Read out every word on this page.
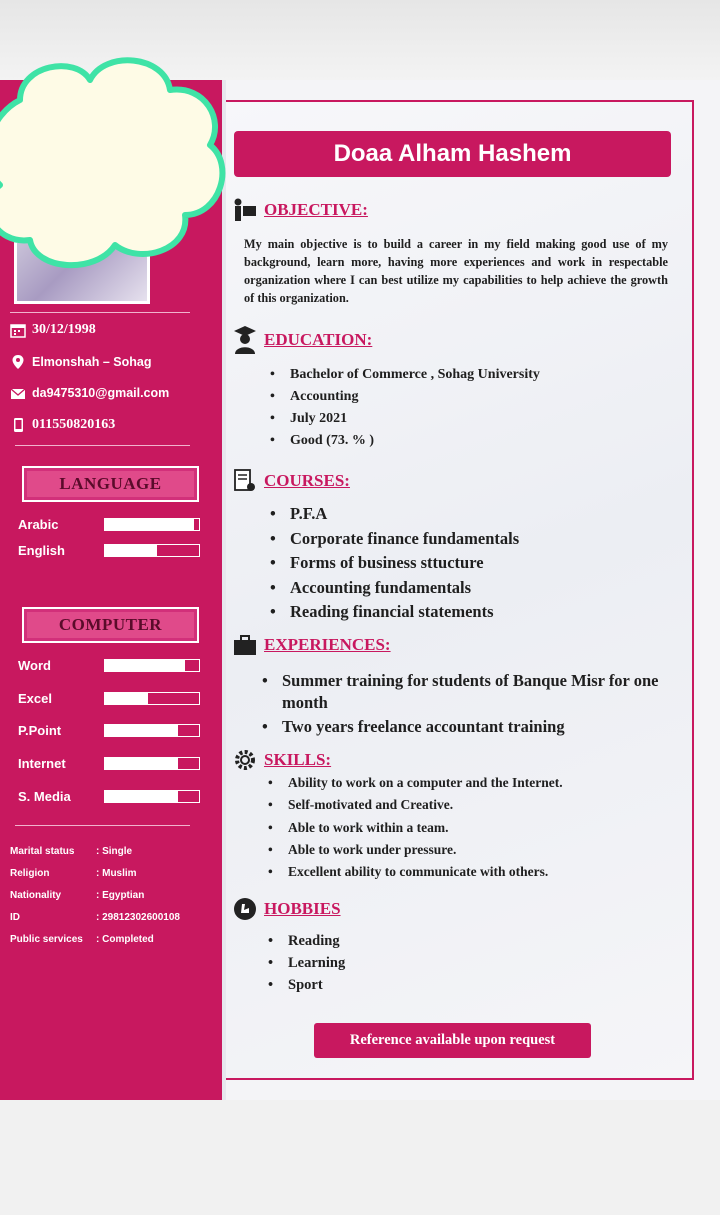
30/12/1998
Elmonshah – Sohag
da9475310@gmail.com
011550820163
LANGUAGE
Arabic
English
COMPUTER
Word
Excel
P.Point
Internet
S. Media
Marital status	: Single
Religion	: Muslim
Nationality	: Egyptian
ID	: 29812302600108
Public services	: Completed
Doaa Alham Hashem
OBJECTIVE:

My main objective is to build a career in my field making good use of my background, learn more, having more experiences and work in respectable organization where I can best utilize my capabilities to help achieve the growth of this organization.

EDUCATION:
• Bachelor of Commerce , Sohag University
• Accounting
• July 2021
• Good (73. % )
COURSES:
• P.F.A
• Corporate finance fundamentals
• Forms of business sttucture
• Accounting fundamentals
• Reading financial statements
EXPERIENCES:
• Summer training for students of Banque Misr for one month
• Two years freelance accountant training
SKILLS:
• Ability to work on a computer and the Internet.
• Self-motivated and Creative.
• Able to work within a team.
• Able to work under pressure.
• Excellent ability to communicate with others.
HOBBIES
• Reading
• Learning
• Sport
Reference available upon request
